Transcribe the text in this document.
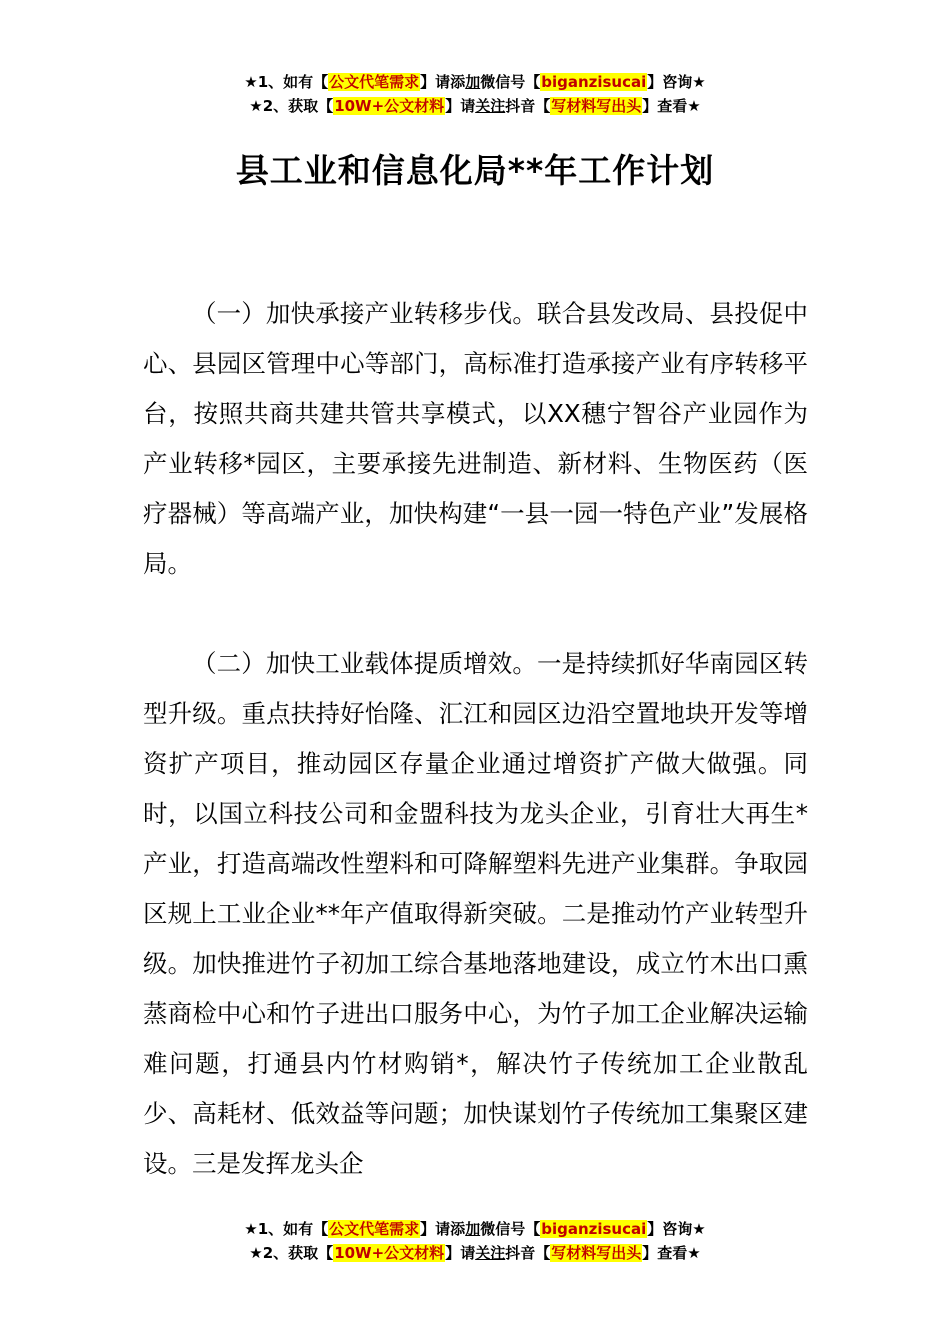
★1、如有【公文代笔需求】请添加微信号【biganzisucai】咨询★
★2、获取【10W+公文材料】请关注抖音【写材料写出头】查看★
县工业和信息化局**年工作计划

（一）加快承接产业转移步伐。联合县发改局、县投促中心、县园区管理中心等部门，高标准打造承接产业有序转移平台，按照共商共建共管共享模式，以XX穗宁智谷产业园作为产业转移*园区，主要承接先进制造、新材料、生物医药（医疗器械）等高端产业，加快构建“一县一园一特色产业”发展格局。

（二）加快工业载体提质增效。一是持续抓好华南园区转型升级。重点扶持好怡隆、汇江和园区边沿空置地块开发等增资扩产项目，推动园区存量企业通过增资扩产做大做强。同时，以国立科技公司和金盟科技为龙头企业，引育壮大再生*产业，打造高端改性塑料和可降解塑料先进产业集群。争取园区规上工业企业**年产值取得新突破。二是推动竹产业转型升级。加快推进竹子初加工综合基地落地建设，成立竹木出口熏蒸商检中心和竹子进出口服务中心，为竹子加工企业解决运输难问题，打通县内竹材购销*，解决竹子传统加工企业散乱少、高耗材、低效益等问题；加快谋划竹子传统加工集聚区建设。三是发挥龙头企

★1、如有【公文代笔需求】请添加微信号【biganzisucai】咨询★
★2、获取【10W+公文材料】请关注抖音【写材料写出头】查看★
